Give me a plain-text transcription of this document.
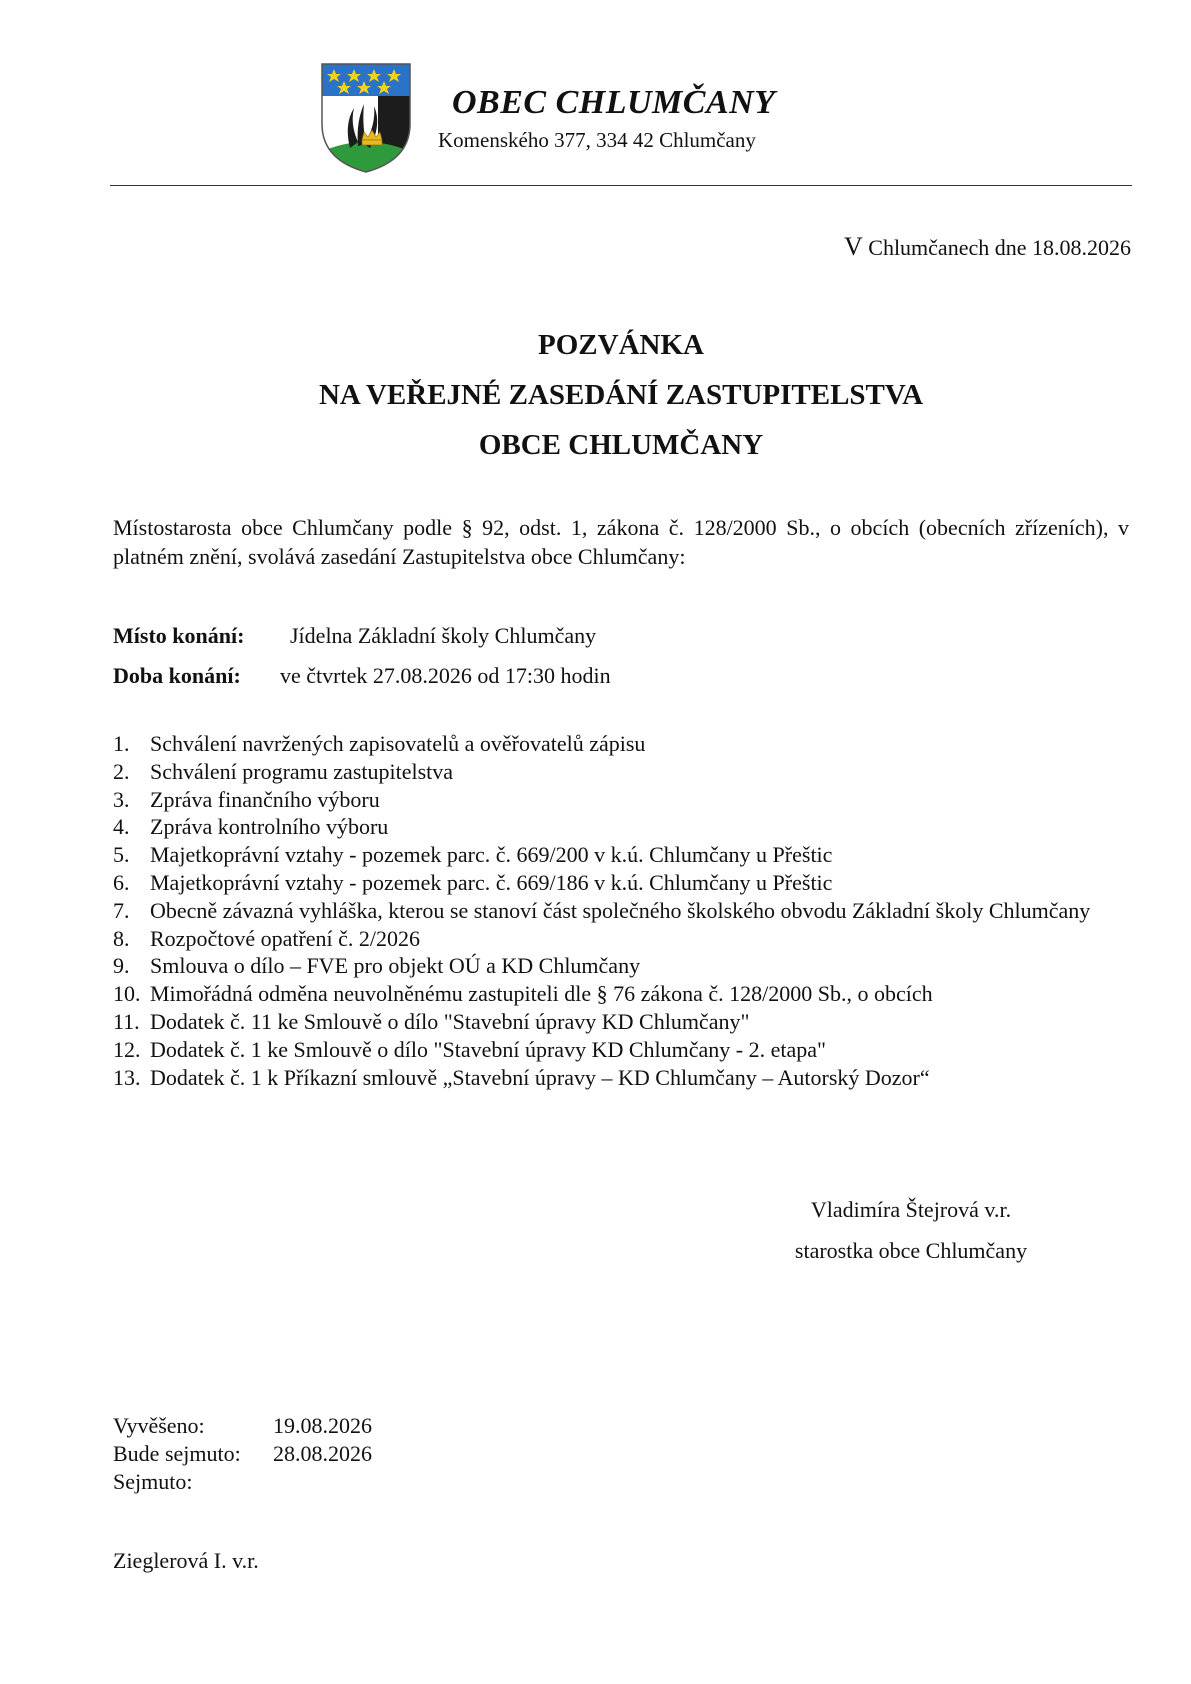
OBEC CHLUMČANY
Komenského 377, 334 42 Chlumčany
V Chlumčanech dne 18.08.2026
POZVÁNKA
NA VEŘEJNÉ ZASEDÁNÍ ZASTUPITELSTVA
OBCE CHLUMČANY
Místostarosta obce Chlumčany podle § 92, odst. 1, zákona č. 128/2000 Sb., o obcích (obecních zřízeních), v platném znění, svolává zasedání Zastupitelstva obce Chlumčany:
Místo konání: Jídelna Základní školy Chlumčany
Doba konání: ve čtvrtek 27.08.2026 od 17:30 hodin
1. Schválení navržených zapisovatelů a ověřovatelů zápisu
2. Schválení programu zastupitelstva
3. Zpráva finančního výboru
4. Zpráva kontrolního výboru
5. Majetkoprávní vztahy - pozemek parc. č. 669/200 v k.ú. Chlumčany u Přeštic
6. Majetkoprávní vztahy - pozemek parc. č. 669/186 v k.ú. Chlumčany u Přeštic
7. Obecně závazná vyhláška, kterou se stanoví část společného školského obvodu Základní školy Chlumčany
8. Rozpočtové opatření č. 2/2026
9. Smlouva o dílo – FVE pro objekt OÚ a KD Chlumčany
10. Mimořádná odměna neuvolněnému zastupiteli dle § 76 zákona č. 128/2000 Sb., o obcích
11. Dodatek č. 11 ke Smlouvě o dílo "Stavební úpravy KD Chlumčany"
12. Dodatek č. 1 ke Smlouvě o dílo "Stavební úpravy KD Chlumčany - 2. etapa"
13. Dodatek č. 1 k Příkazní smlouvě „Stavební úpravy – KD Chlumčany – Autorský Dozor“
Vladimíra Štejrová v.r.
starostka obce Chlumčany
Vyvěšeno:	19.08.2026
Bude sejmuto: 28.08.2026
Sejmuto:
Zieglerová I. v.r.
